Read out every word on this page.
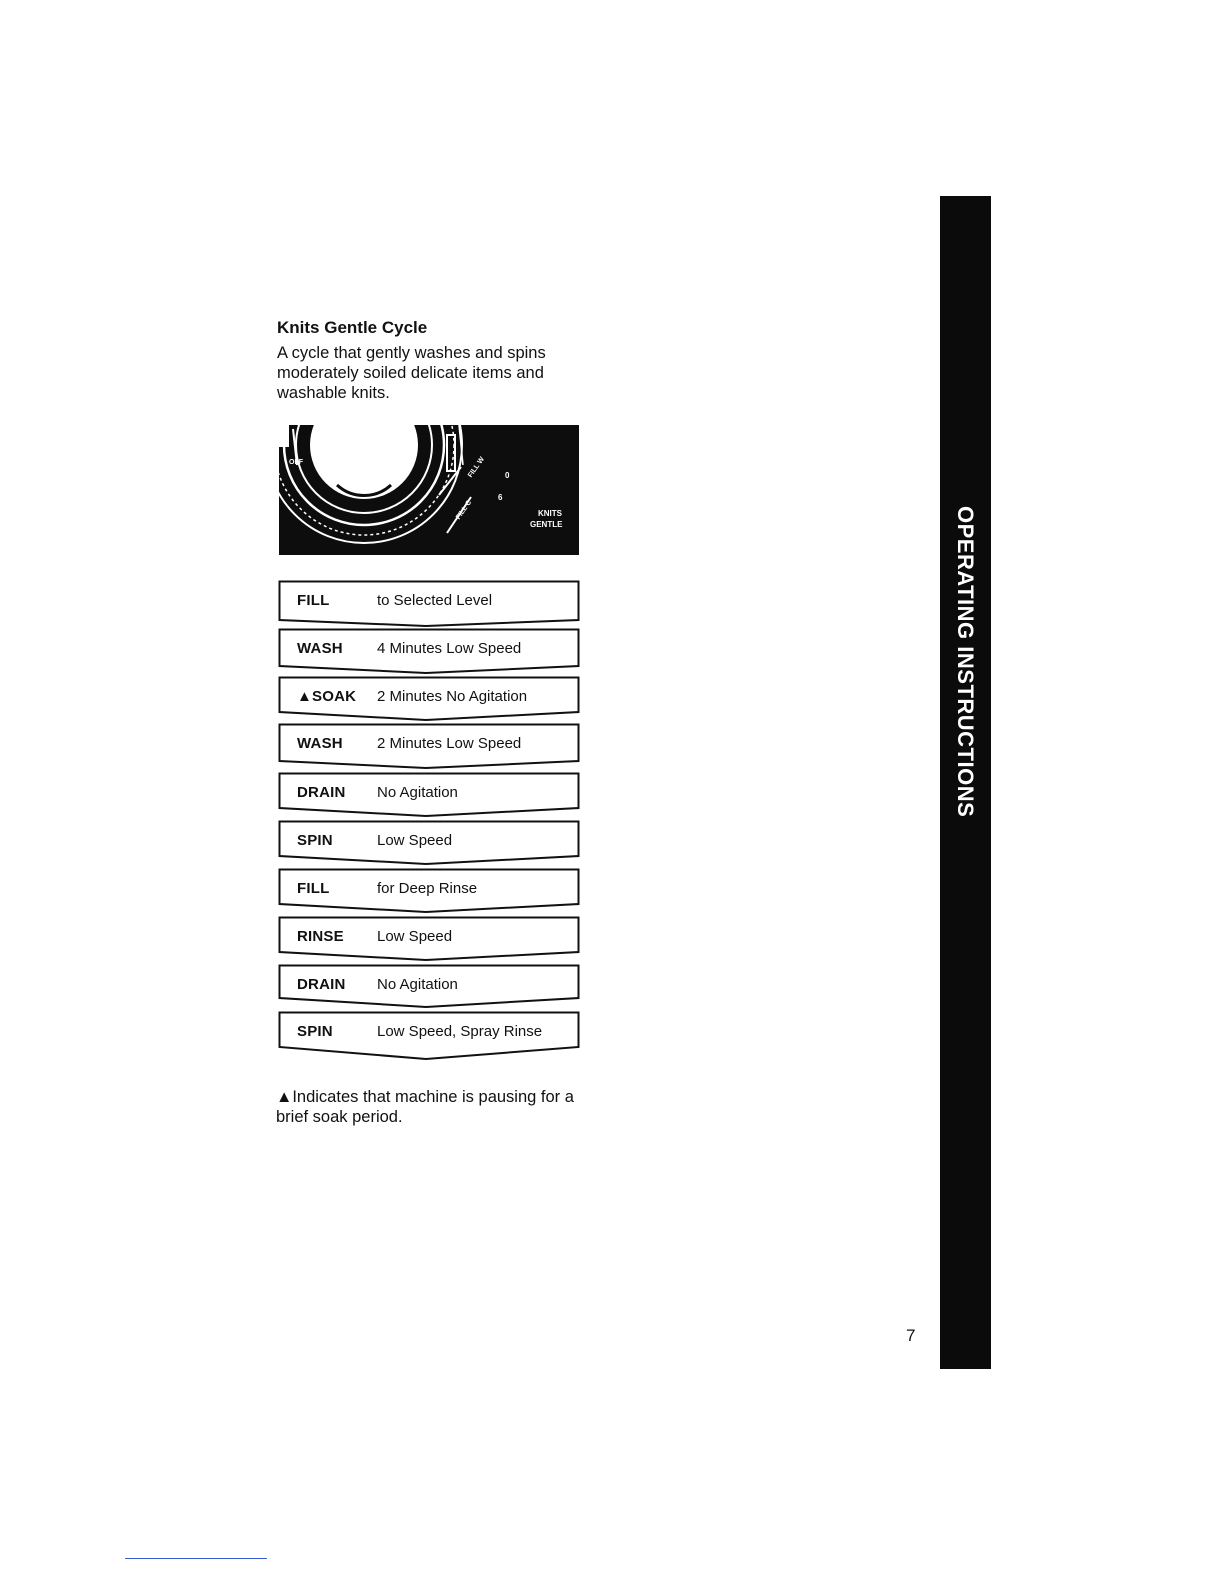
Knits Gentle Cycle

A cycle that gently washes and spins moderately soiled delicate items and washable knits.

OFF	FILL W 0
6
FILL C	KNITS
GENTLE
FILL	to Selected Level
WASH 4 Minutes Low Speed
▲SOAK 2 Minutes No Agitation
WASH 2 Minutes Low Speed
DRAIN No Agitation
SPIN	Low Speed
FILL	for Deep Rinse
RINSE Low Speed
DRAIN No Agitation
SPIN	Low Speed, Spray Rinse

▲Indicates that machine is pausing for a brief soak period.

OPERATING INSTRUCTIONS
7
